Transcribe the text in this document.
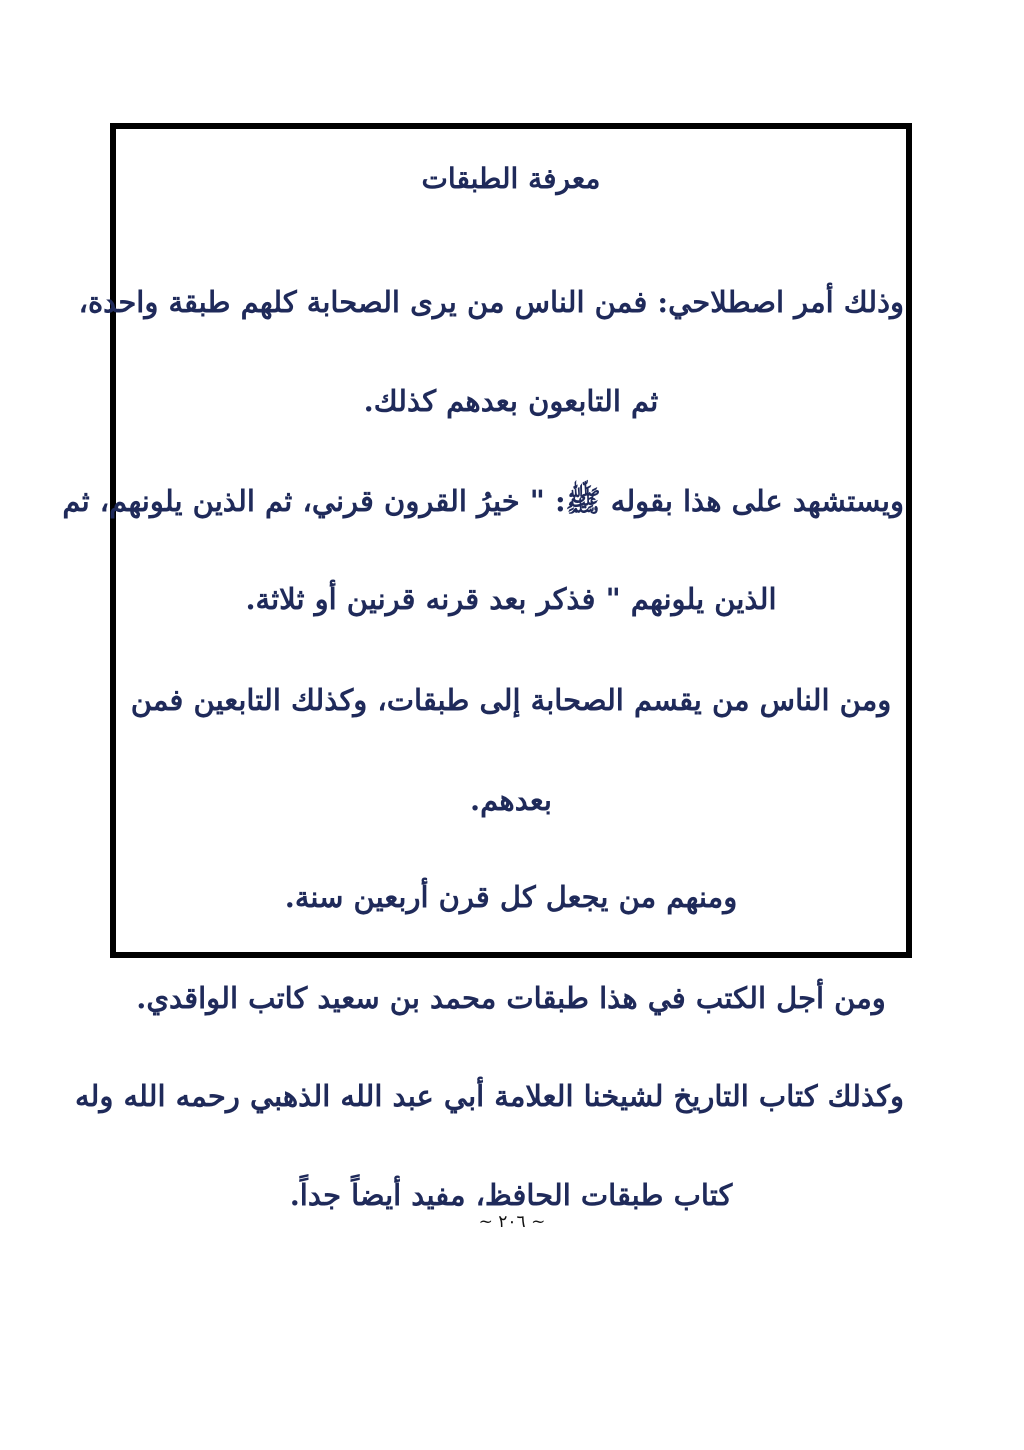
معرفة الطبقات
وذلك أمر اصطلاحي: فمن الناس من يرى الصحابة كلهم طبقة واحدة،
ثم التابعون بعدهم كذلك.
ويستشهد على هذا بقوله ﷺ: " خيرُ القرون قرني، ثم الذين يلونهم، ثم
الذين يلونهم " فذكر بعد قرنه قرنين أو ثلاثة.
ومن الناس من يقسم الصحابة إلى طبقات، وكذلك التابعين فمن
بعدهم.
ومنهم من يجعل كل قرن أربعين سنة.
ومن أجل الكتب في هذا طبقات محمد بن سعيد كاتب الواقدي.
وكذلك كتاب التاريخ لشيخنا العلامة أبي عبد الله الذهبي رحمه الله وله
كتاب طبقات الحافظ، مفيد أيضاً جداً.
~ ٢٠٦ ~
